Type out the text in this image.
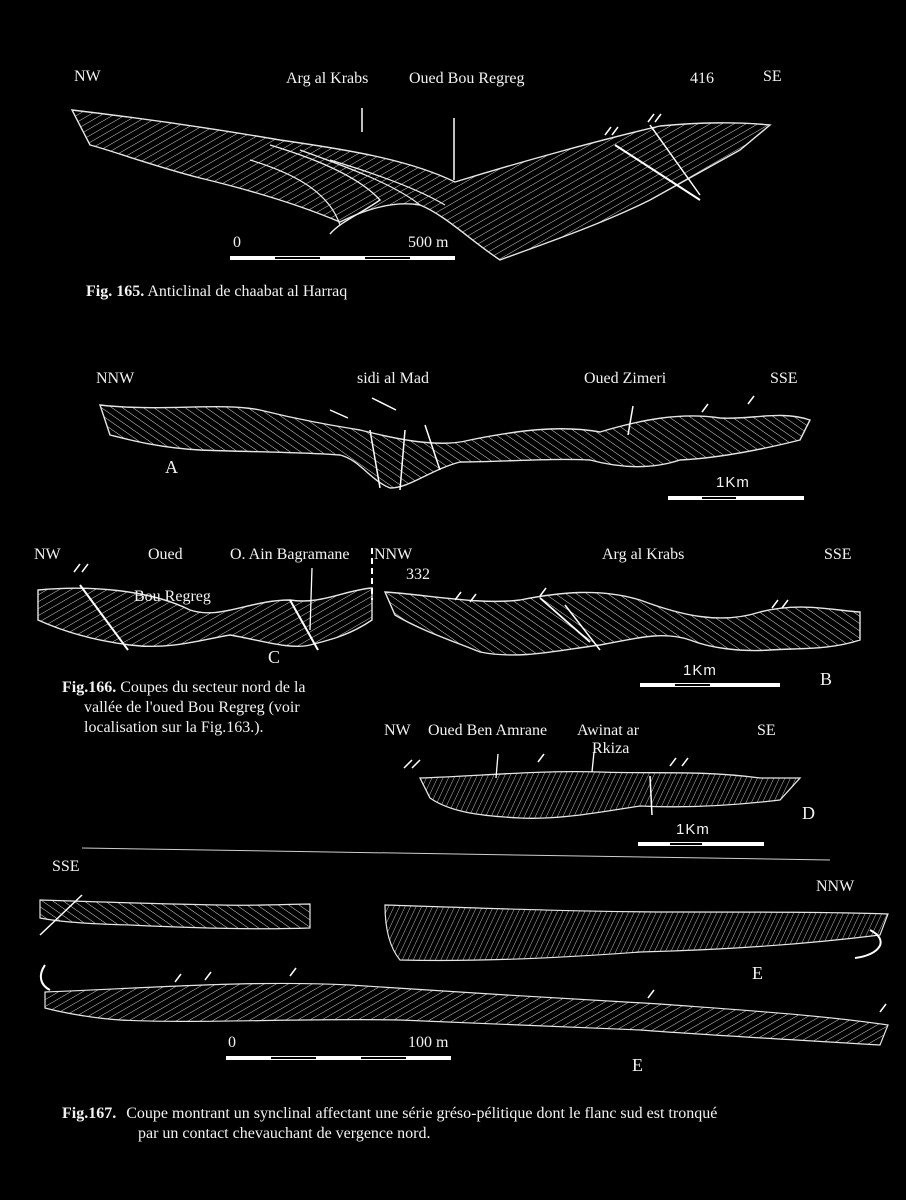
NW	Arg al Krabs	Oued Bou Regreg	416	SE
0	500 m
Fig. 165. Anticlinal de chaabat al Harraq
NNW	sidi al Mad	Oued Zimeri	SSE
A
1Km
NW	Oued
Bou Regreg
O. Ain Bagramane
C
NNW
332
Arg al Krabs	SSE
B
1Km
Fig.166. Coupes du secteur nord de la
vallée de l'oued Bou Regreg (voir
localisation sur la Fig.163.).	NW Oued Ben Amrane Awinat ar
Rkiza
SE
D
1Km
SSE
NNW
E
E
0	100 m
Fig.167. Coupe montrant un synclinal affectant une série gréso-pélitique dont le flanc sud est tronqué
par un contact chevauchant de vergence nord.
